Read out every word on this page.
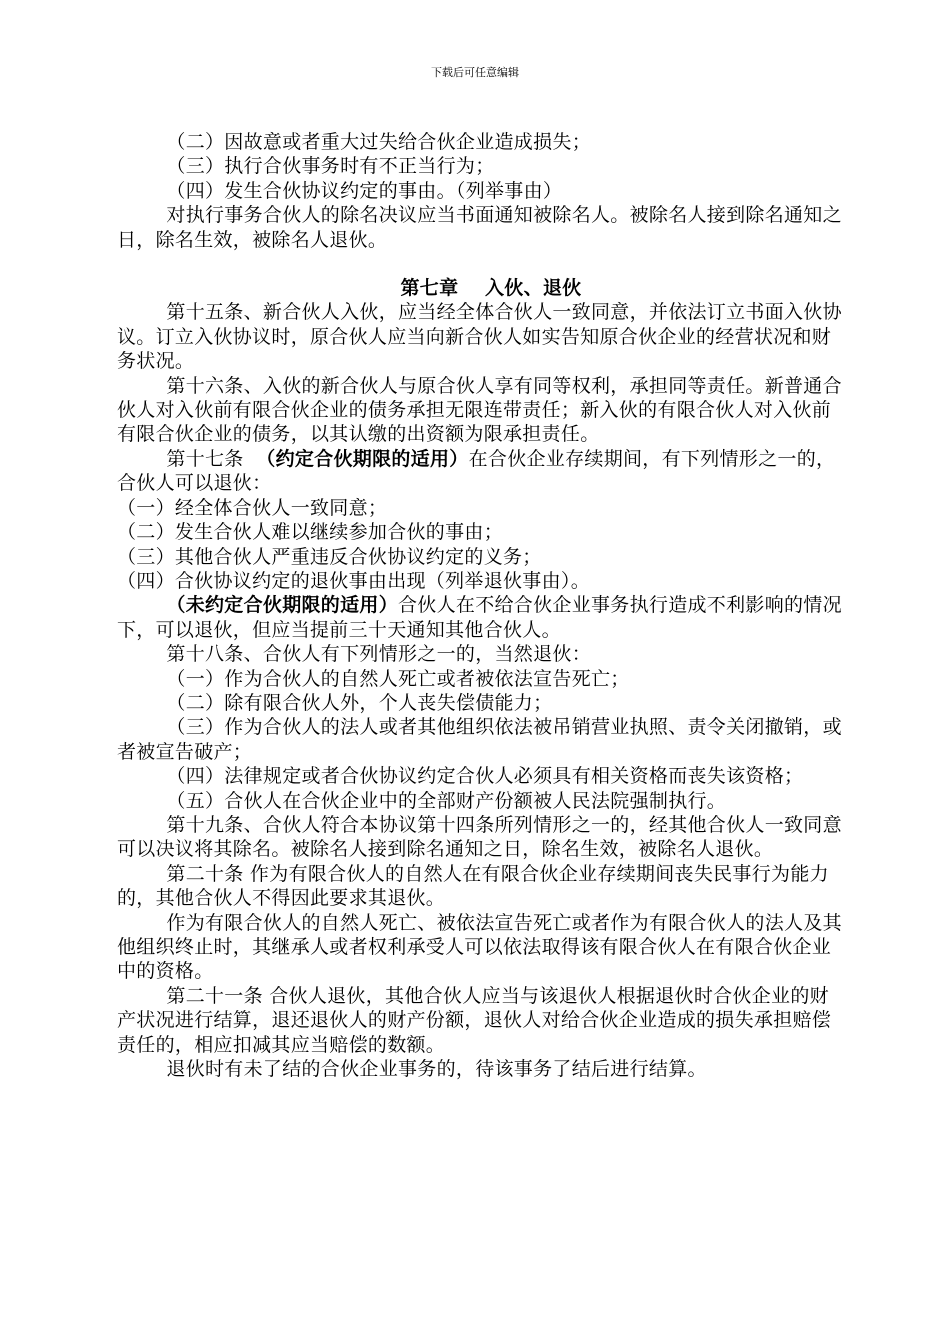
下载后可任意编辑

（二）因故意或者重大过失给合伙企业造成损失；

（三）执行合伙事务时有不正当行为；

（四）发生合伙协议约定的事由。（列举事由）

对执行事务合伙人的除名决议应当书面通知被除名人。被除名人接到除名通知之日，除名生效，被除名人退伙。

第七章 入伙、退伙

第十五条、新合伙人入伙，应当经全体合伙人一致同意，并依法订立书面入伙协议。订立入伙协议时，原合伙人应当向新合伙人如实告知原合伙企业的经营状况和财务状况。

第十六条、入伙的新合伙人与原合伙人享有同等权利，承担同等责任。新普通合伙人对入伙前有限合伙企业的债务承担无限连带责任；新入伙的有限合伙人对入伙前有限合伙企业的债务，以其认缴的出资额为限承担责任。

第十七条 （约定合伙期限的适用）在合伙企业存续期间，有下列情形之一的，合伙人可以退伙：

（一）经全体合伙人一致同意；

（二）发生合伙人难以继续参加合伙的事由；

（三）其他合伙人严重违反合伙协议约定的义务；

（四）合伙协议约定的退伙事由出现（列举退伙事由）。

（未约定合伙期限的适用）合伙人在不给合伙企业事务执行造成不利影响的情况下，可以退伙，但应当提前三十天通知其他合伙人。

第十八条、合伙人有下列情形之一的，当然退伙：

（一）作为合伙人的自然人死亡或者被依法宣告死亡；

（二）除有限合伙人外，个人丧失偿债能力；

（三）作为合伙人的法人或者其他组织依法被吊销营业执照、责令关闭撤销，或者被宣告破产；

（四）法律规定或者合伙协议约定合伙人必须具有相关资格而丧失该资格；

（五）合伙人在合伙企业中的全部财产份额被人民法院强制执行。

第十九条、合伙人符合本协议第十四条所列情形之一的，经其他合伙人一致同意可以决议将其除名。被除名人接到除名通知之日，除名生效，被除名人退伙。

第二十条 作为有限合伙人的自然人在有限合伙企业存续期间丧失民事行为能力的，其他合伙人不得因此要求其退伙。

作为有限合伙人的自然人死亡、被依法宣告死亡或者作为有限合伙人的法人及其他组织终止时，其继承人或者权利承受人可以依法取得该有限合伙人在有限合伙企业中的资格。

第二十一条 合伙人退伙，其他合伙人应当与该退伙人根据退伙时合伙企业的财产状况进行结算，退还退伙人的财产份额，退伙人对给合伙企业造成的损失承担赔偿责任的，相应扣减其应当赔偿的数额。

退伙时有未了结的合伙企业事务的，待该事务了结后进行结算。
